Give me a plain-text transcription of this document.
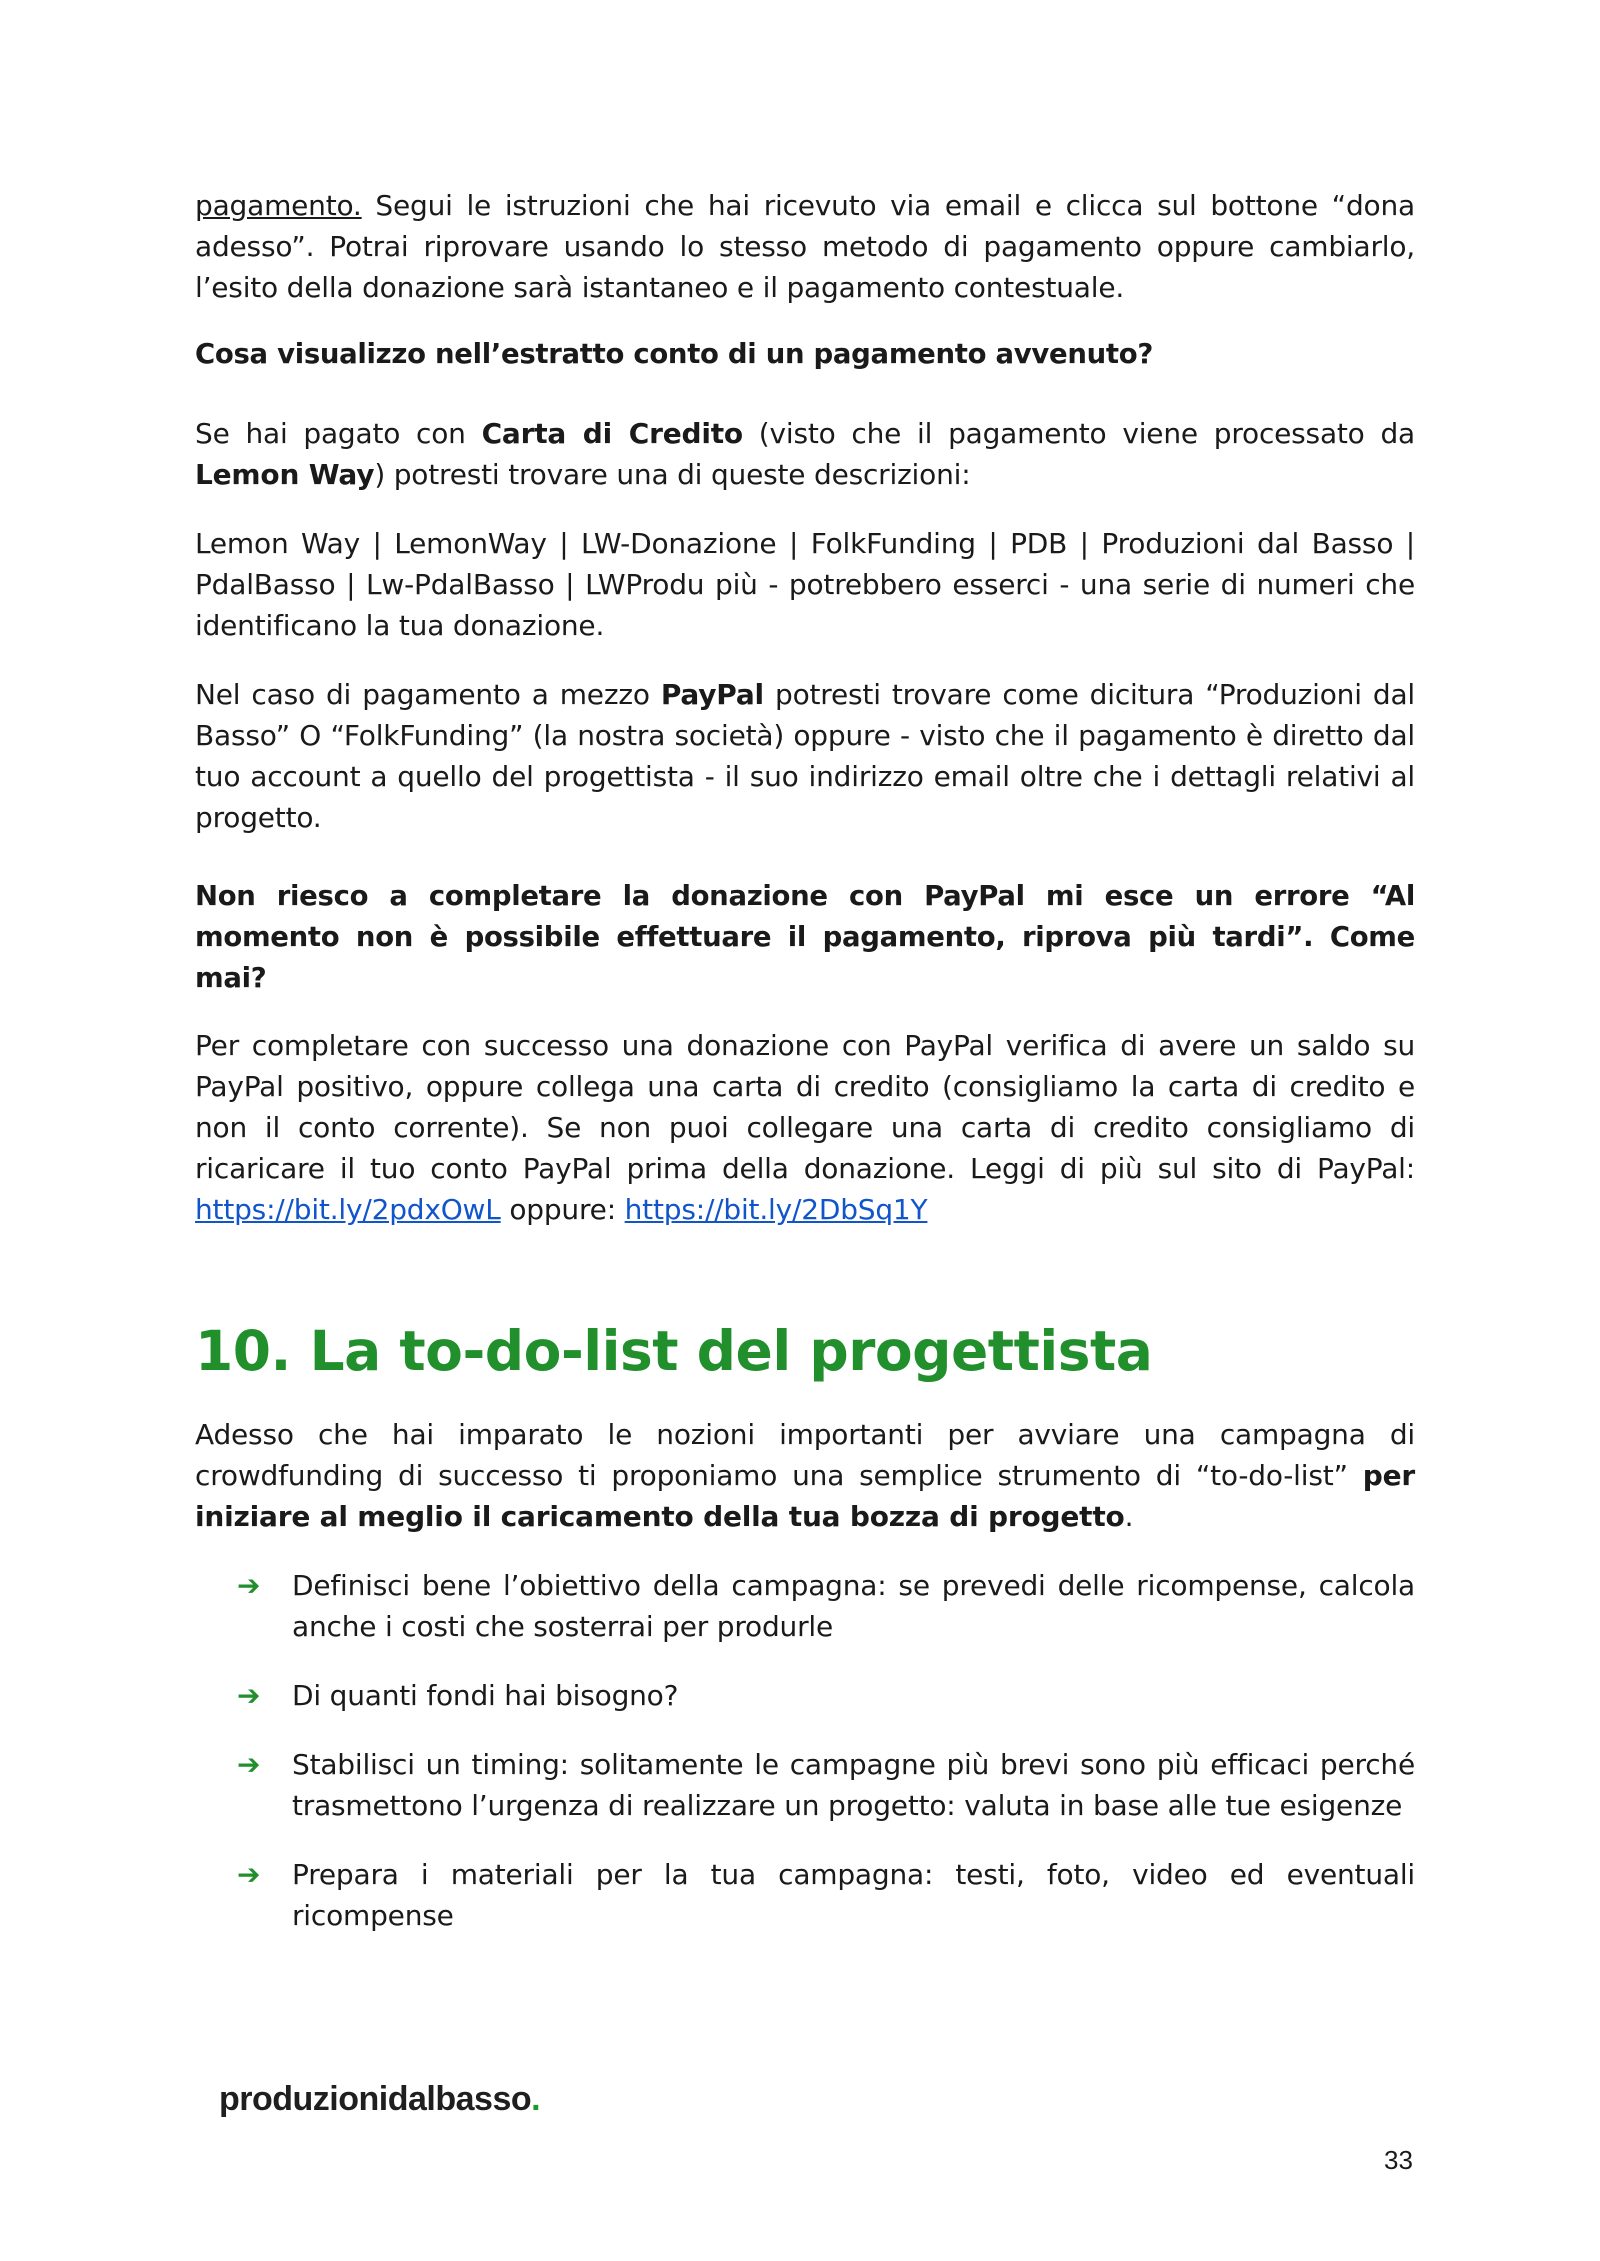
pagamento. Segui le istruzioni che hai ricevuto via email e clicca sul bottone “dona adesso”. Potrai riprovare usando lo stesso metodo di pagamento oppure cambiarlo, l’esito della donazione sarà istantaneo e il pagamento contestuale.

Cosa visualizzo nell’estratto conto di un pagamento avvenuto?

Se hai pagato con Carta di Credito (visto che il pagamento viene processato da Lemon Way) potresti trovare una di queste descrizioni:

Lemon Way | LemonWay | LW-Donazione | FolkFunding | PDB | Produzioni dal Basso | PdalBasso | Lw-PdalBasso | LWProdu più - potrebbero esserci - una serie di numeri che identificano la tua donazione.

Nel caso di pagamento a mezzo PayPal potresti trovare come dicitura “Produzioni dal Basso” O “FolkFunding” (la nostra società) oppure - visto che il pagamento è diretto dal tuo account a quello del progettista - il suo indirizzo email oltre che i dettagli relativi al progetto.

Non riesco a completare la donazione con PayPal mi esce un errore “Al momento non è possibile effettuare il pagamento, riprova più tardi”. Come mai?

Per completare con successo una donazione con PayPal verifica di avere un saldo su PayPal positivo, oppure collega una carta di credito (consigliamo la carta di credito e non il conto corrente). Se non puoi collegare una carta di credito consigliamo di ricaricare il tuo conto PayPal prima della donazione. Leggi di più sul sito di PayPal: https://bit.ly/2pdxOwL oppure: https://bit.ly/2DbSq1Y

10. La to-do-list del progettista

Adesso che hai imparato le nozioni importanti per avviare una campagna di crowdfunding di successo ti proponiamo una semplice strumento di “to-do-list” per iniziare al meglio il caricamento della tua bozza di progetto.

➔ Definisci bene l’obiettivo della campagna: se prevedi delle ricompense, calcola anche i costi che sosterrai per produrle
➔ Di quanti fondi hai bisogno?
➔ Stabilisci un timing: solitamente le campagne più brevi sono più efficaci perché trasmettono l’urgenza di realizzare un progetto: valuta in base alle tue esigenze
➔ Prepara i materiali per la tua campagna: testi, foto, video ed eventuali ricompense
produzionidalbasso.
33
